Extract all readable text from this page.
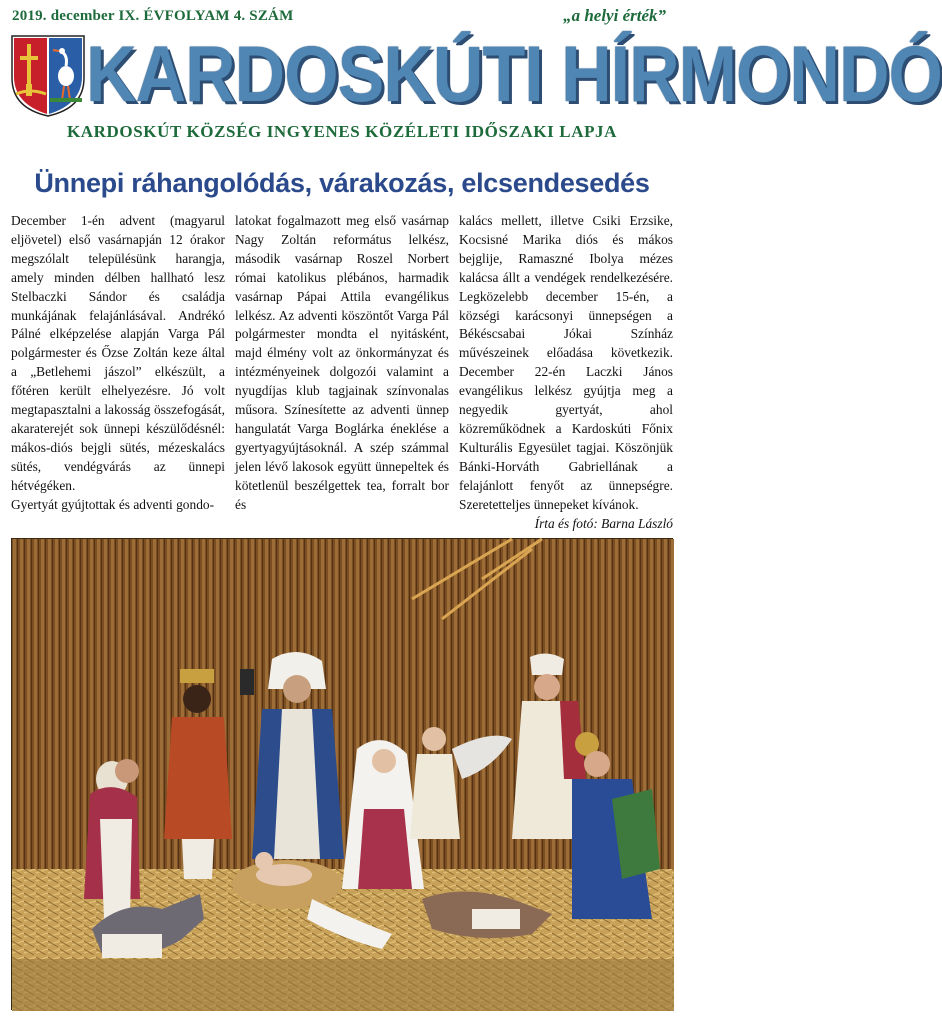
2019. december IX. ÉVFOLYAM 4. SZÁM	„a helyi érték”
KARDOSKÚTI HÍRMONDÓ
KARDOSKÚT KÖZSÉG INGYENES KÖZÉLETI IDŐSZAKI LAPJA
Ünnepi ráhangolódás, várakozás, elcsendesedés

December 1-én advent (magyarul eljövetel) első vasárnapján 12 órakor megszólalt településünk harangja, amely minden délben hallható lesz Stelbaczki Sándor és családja munkájának felajánlásával. Andrékó Pálné elképzelése alapján Varga Pál polgármester és Őzse Zoltán keze által a „Betlehemi jászol” elkészült, a főtéren került elhelyezésre. Jó volt megtapasztalni a lakosság összefogását, akaraterejét sok ünnepi készülődésnél: mákos-diós bejgli sütés, mézeskalács sütés, vendégvárás az ünnepi hétvégéken.

Gyertyát gyújtottak és adventi gondo-

latokat fogalmazott meg első vasárnap Nagy Zoltán református lelkész, második vasárnap Roszel Norbert római katolikus plébános, harmadik vasárnap Pápai Attila evangélikus lelkész. Az adventi köszöntőt Varga Pál polgármester mondta el nyitásként, majd élmény volt az önkormányzat és intézményeinek dolgozói valamint a nyugdíjas klub tagjainak színvonalas műsora. Színesítette az adventi ünnep hangulatát Varga Boglárka éneklése a gyertyagyújtásoknál. A szép számmal jelen lévő lakosok együtt ünnepeltek és kötetlenül beszélgettek tea, forralt bor és

kalács mellett, illetve Csiki Erzsike, Kocsisné Marika diós és mákos bejglije, Ramaszné Ibolya mézes kalácsa állt a vendégek rendelkezésére. Legközelebb december 15-én, a községi karácsonyi ünnepségen a Békéscsabai Jókai Színház művészeinek előadása következik. December 22-én Laczki János evangélikus lelkész gyújtja meg a negyedik gyertyát, ahol közreműködnek a Kardoskúti Főnix Kulturális Egyesület tagjai. Köszönjük Bánki-Horváth Gabriellának a felajánlott fenyőt az ünnepségre. Szeretetteljes ünnepeket kívánok.
Írta és fotó: Barna László
